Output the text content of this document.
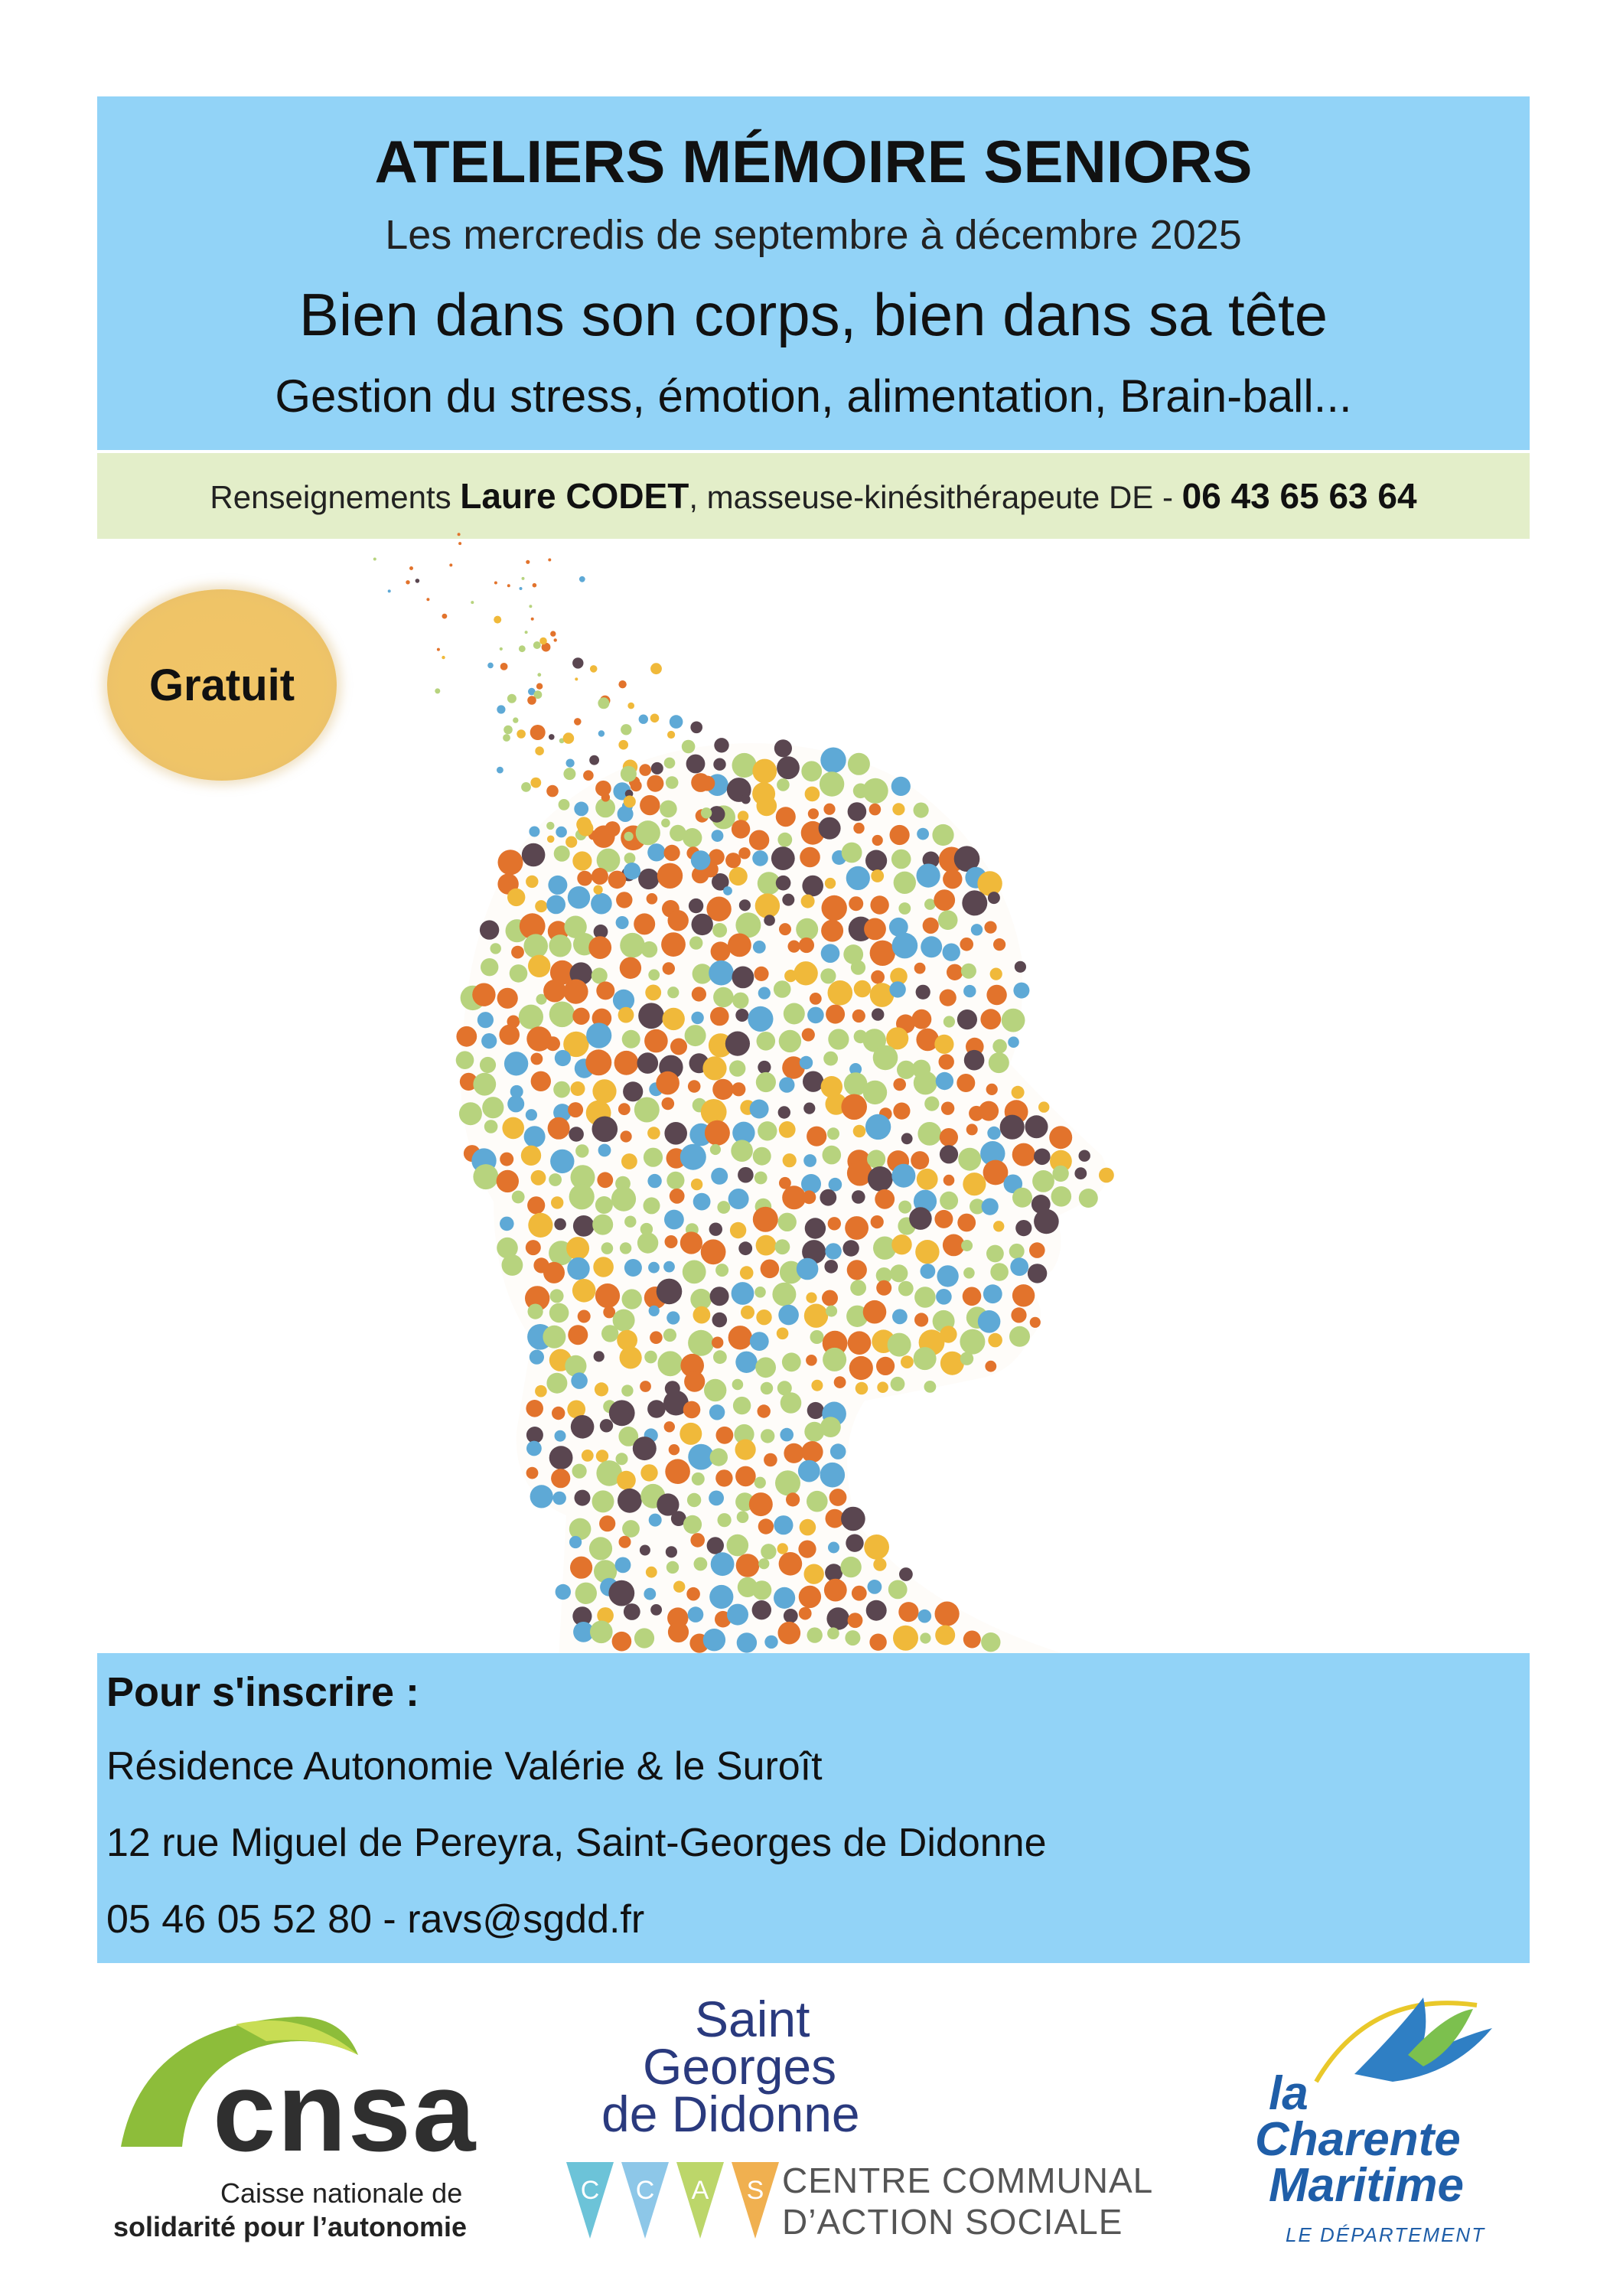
ATELIERS MÉMOIRE SENIORS
Les mercredis de septembre à décembre 2025
Bien dans son corps, bien dans sa tête
Gestion du stress, émotion, alimentation, Brain-ball...
Renseignements Laure CODET, masseuse-kinésithérapeute DE - 06 43 65 63 64
Gratuit
Pour s'inscrire :
Résidence Autonomie Valérie & le Suroît
12 rue Miguel de Pereyra, Saint-Georges de Didonne
05 46 05 52 80 - ravs@sgdd.fr
cnsa
Caisse nationale de
solidarité pour l’autonomie
Saint
Georges
de Didonne
C C A S CENTRE COMMUNAL
D’ACTION SOCIALE
la
Charente
Maritime
LE DÉPARTEMENT
